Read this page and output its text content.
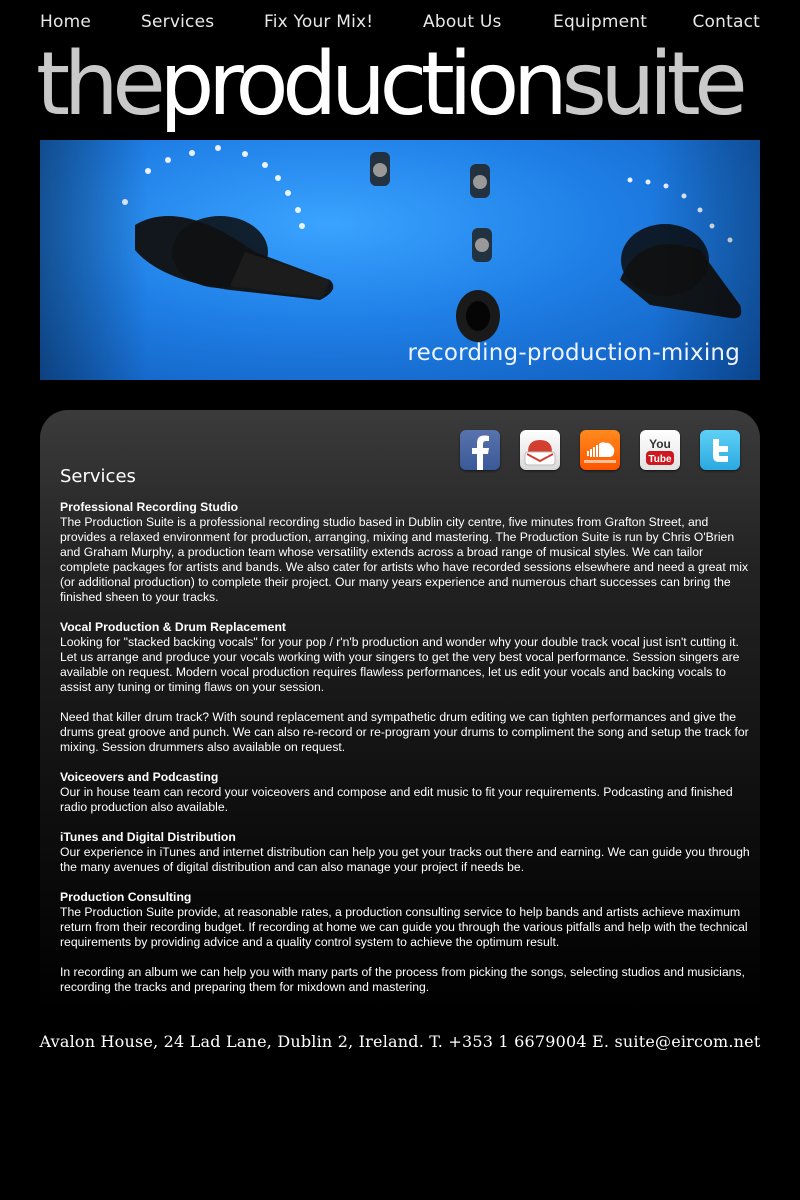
Home	Services	Fix Your Mix!	About Us	Equipment	Contact
theproductionsuite
recording-production-mixing
You
Tube
Services
Professional Recording Studio

The Production Suite is a professional recording studio based in Dublin city centre, five minutes from Grafton Street, and provides a relaxed environment for production, arranging, mixing and mastering. The Production Suite is run by Chris O'Brien and Graham Murphy, a production team whose versatility extends across a broad range of musical styles. We can tailor complete packages for artists and bands. We also cater for artists who have recorded sessions elsewhere and need a great mix (or additional production) to complete their project. Our many years experience and numerous chart successes can bring the finished sheen to your tracks.

Vocal Production & Drum Replacement

Looking for "stacked backing vocals" for your pop / r'n'b production and wonder why your double track vocal just isn't cutting it. Let us arrange and produce your vocals working with your singers to get the very best vocal performance. Session singers are available on request. Modern vocal production requires flawless performances, let us edit your vocals and backing vocals to assist any tuning or timing flaws on your session.

Need that killer drum track? With sound replacement and sympathetic drum editing we can tighten performances and give the drums great groove and punch. We can also re-record or re-program your drums to compliment the song and setup the track for mixing. Session drummers also available on request.

Voiceovers and Podcasting

Our in house team can record your voiceovers and compose and edit music to fit your requirements. Podcasting and finished radio production also available.

iTunes and Digital Distribution

Our experience in iTunes and internet distribution can help you get your tracks out there and earning. We can guide you through the many avenues of digital distribution and can also manage your project if needs be.

Production Consulting

The Production Suite provide, at reasonable rates, a production consulting service to help bands and artists achieve maximum return from their recording budget. If recording at home we can guide you through the various pitfalls and help with the technical requirements by providing advice and a quality control system to achieve the optimum result.

In recording an album we can help you with many parts of the process from picking the songs, selecting studios and musicians, recording the tracks and preparing them for mixdown and mastering.

Avalon House, 24 Lad Lane, Dublin 2, Ireland. T. +353 1 6679004 E. suite@eircom.net
